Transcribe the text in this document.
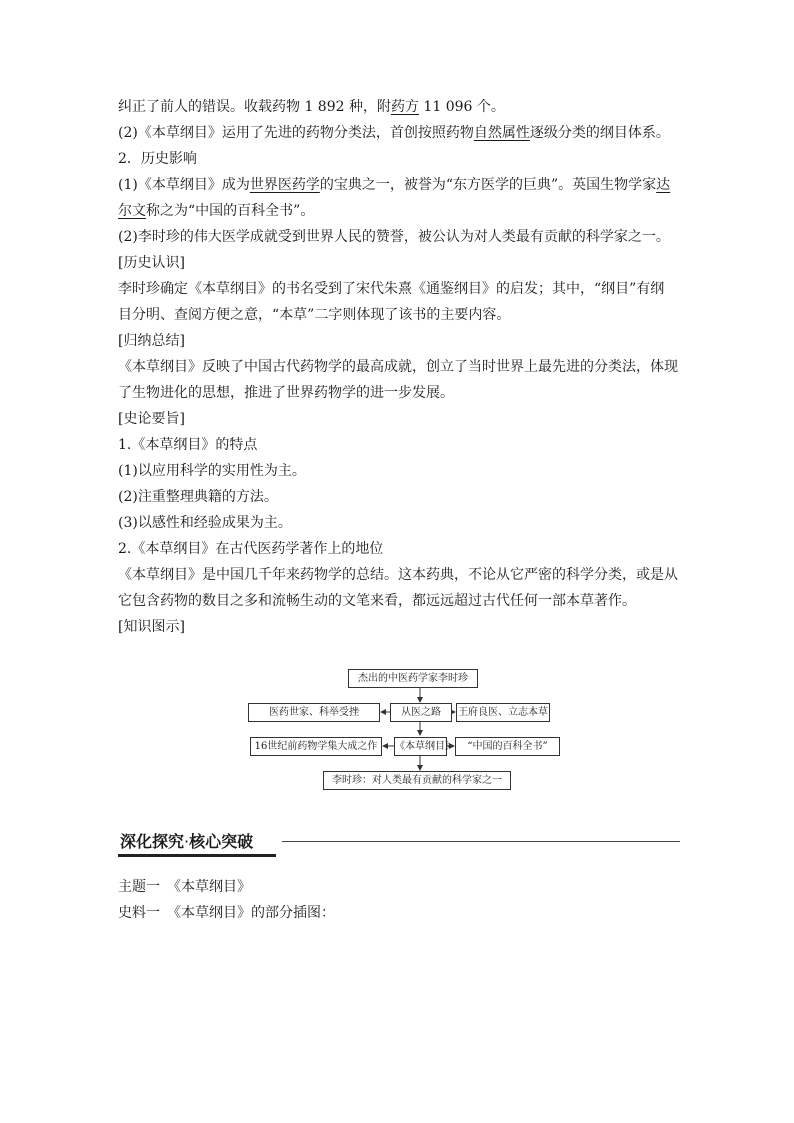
纠正了前人的错误。收载药物 1 892 种，附药方 11 096 个。
(2)《本草纲目》运用了先进的药物分类法，首创按照药物自然属性逐级分类的纲目体系。
2．历史影响
(1)《本草纲目》成为世界医药学的宝典之一，被誉为“东方医学的巨典”。英国生物学家达
尔文称之为“中国的百科全书”。
(2)李时珍的伟大医学成就受到世界人民的赞誉，被公认为对人类最有贡献的科学家之一。
[历史认识]
李时珍确定《本草纲目》的书名受到了宋代朱熹《通鉴纲目》的启发；其中，“纲目”有纲
目分明、查阅方便之意，“本草”二字则体现了该书的主要内容。
[归纳总结]
《本草纲目》反映了中国古代药物学的最高成就，创立了当时世界上最先进的分类法，体现
了生物进化的思想，推进了世界药物学的进一步发展。
[史论要旨]
1.《本草纲目》的特点
(1)以应用科学的实用性为主。
(2)注重整理典籍的方法。
(3)以感性和经验成果为主。
2.《本草纲目》在古代医药学著作上的地位
《本草纲目》是中国几千年来药物学的总结。这本药典，不论从它严密的科学分类，或是从
它包含药物的数目之多和流畅生动的文笔来看，都远远超过古代任何一部本草著作。
[知识图示]
杰出的中医药学家李时珍
医药世家、科举受挫	从医之路	王府良医、立志本草
16世纪前药物学集大成之作	《本草纲目》	“中国的百科全书”
李时珍：对人类最有贡献的科学家之一
深化探究·核心突破
主题一　《本草纲目》
史料一　《本草纲目》的部分插图：
